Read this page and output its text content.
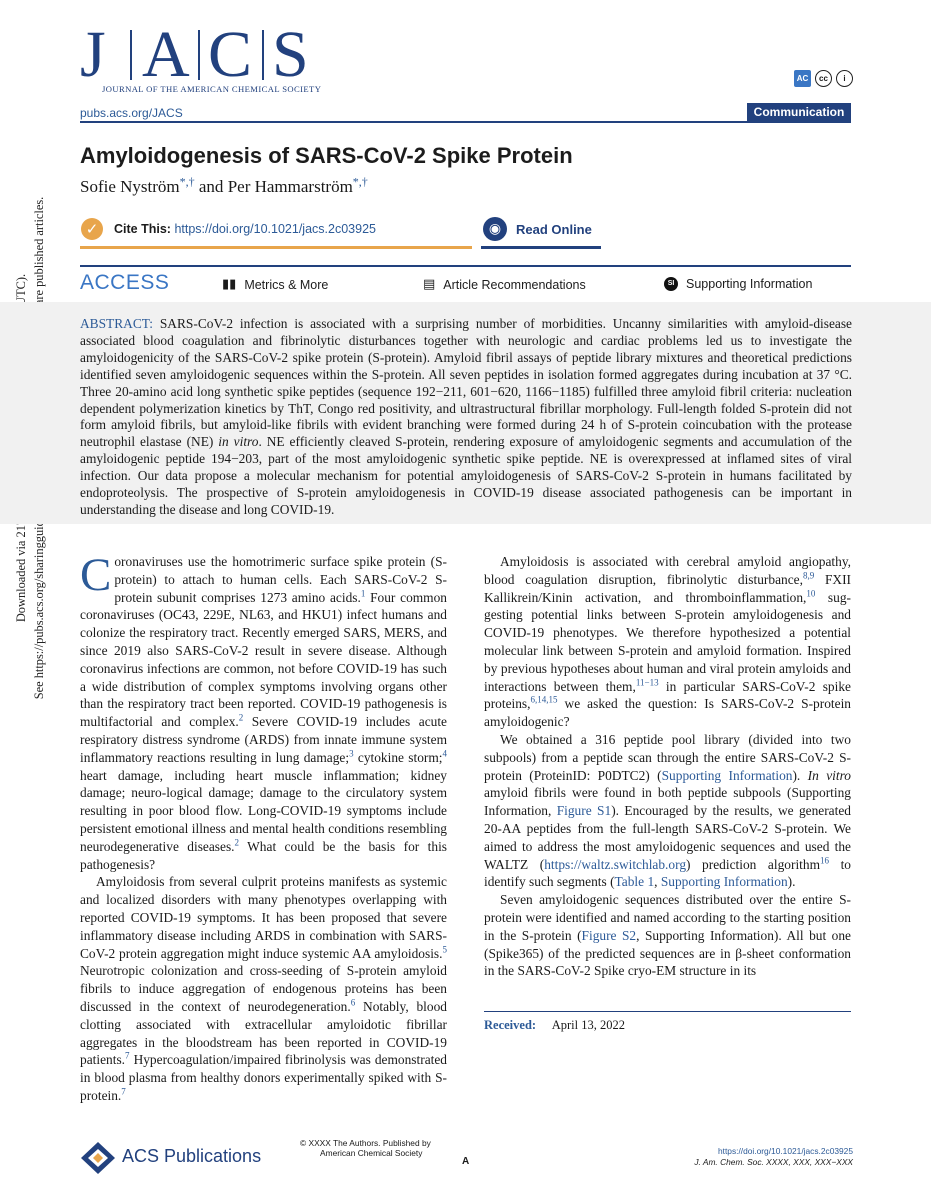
J A C S
JOURNAL OF THE AMERICAN CHEMICAL SOCIETY
AC	cc	i
pubs.acs.org/JACS	Communication
Amyloidogenesis of SARS-CoV-2 Spike Protein
Sofie Nyström*,† and Per Hammarström*,†
✓	Cite This: https://doi.org/10.1021/jacs.2c03925	◉	Read Online
ACCESS	▮▮ Metrics & More	▤ Article Recommendations	SI Supporting Information
ABSTRACT: SARS-CoV-2 infection is associated with a surprising number of morbidities. Uncanny similarities with amyloid-disease associated blood coagulation and fibrinolytic disturbances together with neurologic and cardiac problems led us to investigate the amyloidogenicity of the SARS-CoV-2 spike protein (S-protein). Amyloid fibril assays of peptide library mixtures and theoretical predictions identified seven amyloidogenic sequences within the S-protein. All seven peptides in isolation formed aggregates during incubation at 37 °C. Three 20-amino acid long synthetic spike peptides (sequence 192−211, 601−620, 1166−1185) fulfilled three amyloid fibril criteria: nucleation dependent polymerization kinetics by ThT, Congo red positivity, and ultrastructural fibrillar morphology. Full-length folded S-protein did not form amyloid fibrils, but amyloid-like fibrils with evident branching were formed during 24 h of S-protein coincubation with the protease neutrophil elastase (NE) in vitro. NE efficiently cleaved S-protein, rendering exposure of amyloidogenic segments and accumulation of the amyloidogenic peptide 194−203, part of the most amyloidogenic synthetic spike peptide. NE is overexpressed at inflamed sites of viral infection. Our data propose a molecular mechanism for potential amyloidogenesis of SARS-CoV-2 S-protein in humans facilitated by endoproteolysis. The prospective of S-protein amyloidogenesis in COVID-19 disease associated pathogenesis can be important in understanding the disease and long COVID-19.

Coronaviruses use the homotrimeric surface spike protein (S-protein) to attach to human cells. Each SARS-CoV-2 S-protein subunit comprises 1273 amino acids.$^1$ Four common coronaviruses (OC43, 229E, NL63, and HKU1) infect humans and colonize the respiratory tract. Recently emerged SARS, MERS, and since 2019 also SARS-CoV-2 result in severe disease. Although coronavirus infections are common, not before COVID-19 has such a wide distribution of complex symptoms involving organs other than the respiratory tract been reported. COVID-19 pathogenesis is multifactorial and complex.$^2$ Severe COVID-19 includes acute respiratory distress syndrome (ARDS) from innate immune system inflammatory reactions resulting in lung damage;$^3$ cytokine storm;$^4$ heart damage, including heart muscle inflammation; kidney damage; neuro-logical damage; damage to the circulatory system resulting in poor blood flow. Long-COVID-19 symptoms include persistent emotional illness and mental health conditions resembling neurodegenerative diseases.$^2$ What could be the basis for this pathogenesis?

Amyloidosis from several culprit proteins manifests as systemic and localized disorders with many phenotypes overlapping with reported COVID-19 symptoms. It has been proposed that severe inflammatory disease including ARDS in combination with SARS-CoV-2 protein aggregation might induce systemic AA amyloidosis.$^5$ Neurotropic colonization and cross-seeding of S-protein amyloid fibrils to induce aggregation of endogenous proteins has been discussed in the context of neurodegeneration.$^6$ Notably, blood clotting associated with extracellular amyloidotic fibrillar aggregates in the bloodstream has been reported in COVID-19 patients.$^7$ Hypercoagulation/impaired fibrinolysis was demonstrated in blood plasma from healthy donors experimentally spiked with S-protein.$^7$

Amyloidosis is associated with cerebral amyloid angiopathy, blood coagulation disruption, fibrinolytic disturbance,$^{8,9}$ FXII Kallikrein/Kinin activation, and thromboinflammation,$^{10}$ sug-gesting potential links between S-protein amyloidogenesis and COVID-19 phenotypes. We therefore hypothesized a potential molecular link between S-protein and amyloid formation. Inspired by previous hypotheses about human and viral protein amyloids and interactions between them,$^{11-13}$ in particular SARS-CoV-2 spike proteins,$^{6,14,15}$ we asked the question: Is SARS-CoV-2 S-protein amyloidogenic?

We obtained a 316 peptide pool library (divided into two subpools) from a peptide scan through the entire SARS-CoV-2 S-protein (ProteinID: P0DTC2) (Supporting Information). In vitro amyloid fibrils were found in both peptide subpools (Supporting Information, Figure S1). Encouraged by the results, we generated 20-AA peptides from the full-length SARS-CoV-2 S-protein. We aimed to address the most amyloidogenic sequences and used the WALTZ (https://waltz.switchlab.org) prediction algorithm$^{16}$ to identify such segments (Table 1, Supporting Information).

Seven amyloidogenic sequences distributed over the entire S-protein were identified and named according to the starting position in the S-protein (Figure S2, Supporting Information). All but one (Spike365) of the predicted sequences are in β-sheet conformation in the SARS-CoV-2 Spike cryo-EM structure in its

Received: April 13, 2022
ACS Publications
© XXXX The Authors. Published by
American Chemical Society
A
https://doi.org/10.1021/jacs.2c03925
J. Am. Chem. Soc. XXXX, XXX, XXX−XXX
